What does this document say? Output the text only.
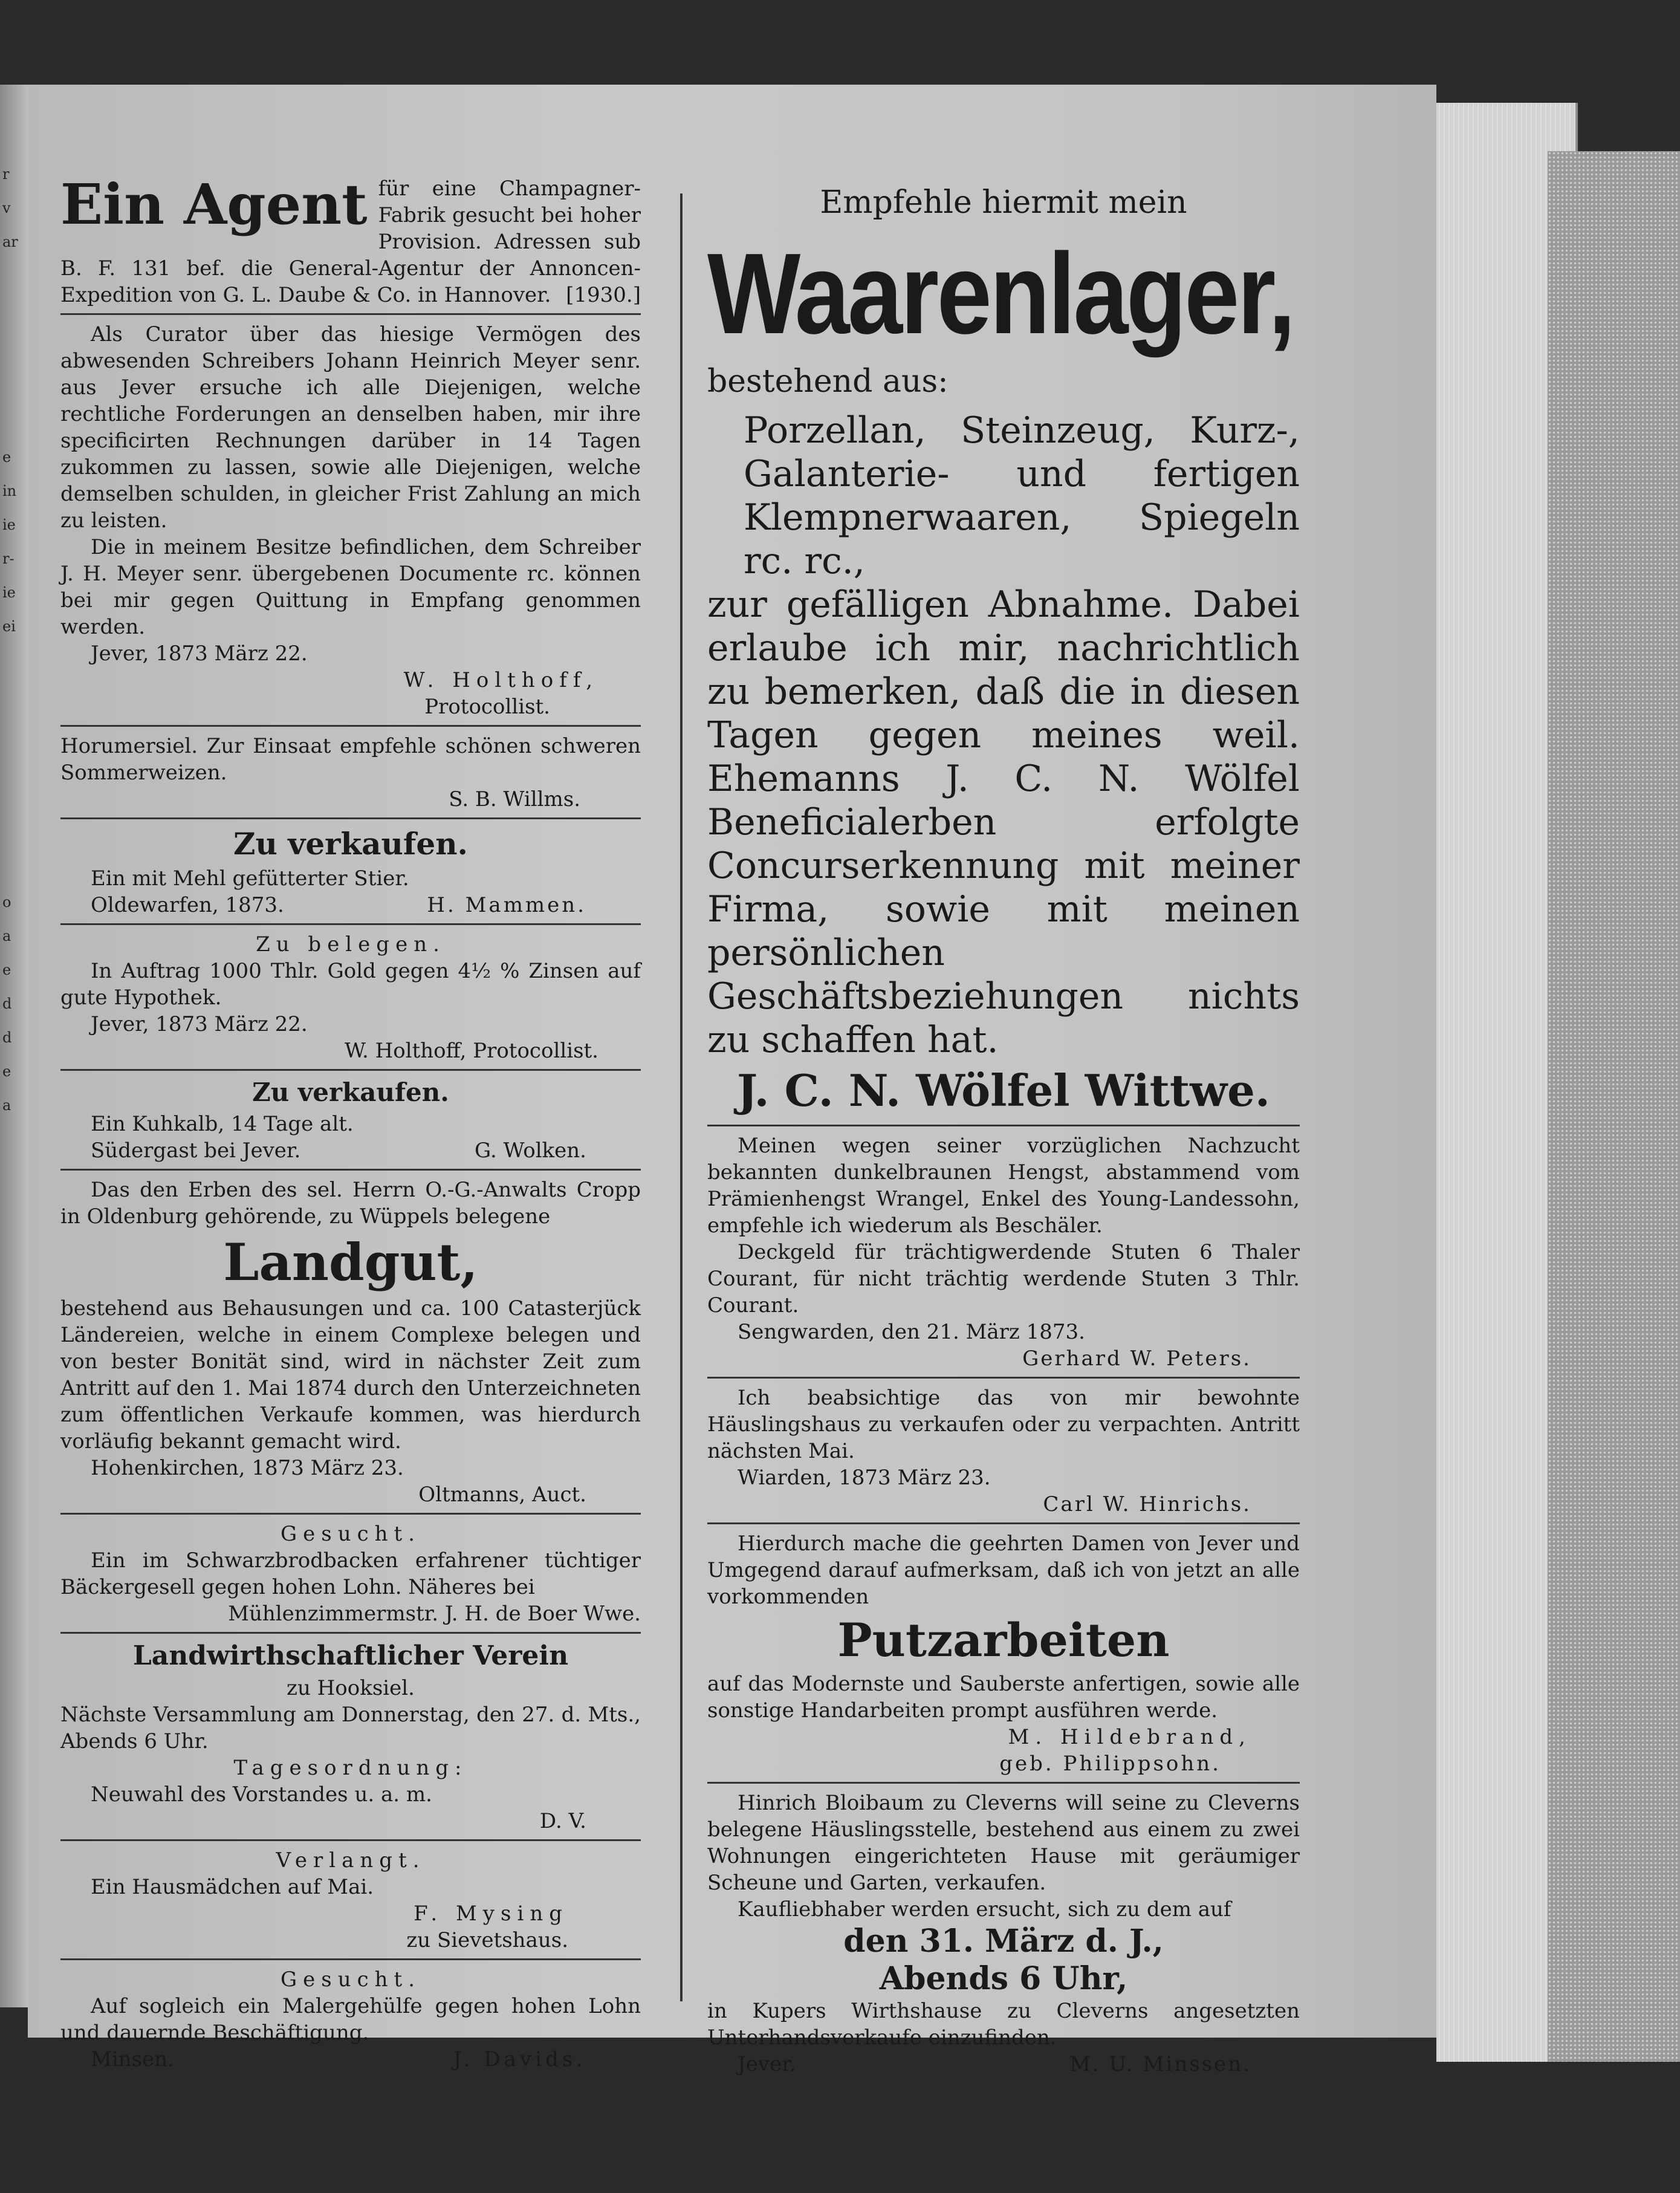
r
v
ar
e
in
ie
r-
ie
ei
o
a
e
d
d
e
a

Ein Agent für eine Champagner-Fabrik gesucht bei hoher Provision. Adressen sub B. F. 131 bef. die General-Agentur der Annoncen-Expedition von G. L. Daube & Co. in Hannover. [1930.]

Als Curator über das hiesige Vermögen des abwesenden Schreibers Johann Heinrich Meyer senr. aus Jever ersuche ich alle Diejenigen, welche rechtliche Forderungen an denselben haben, mir ihre specificirten Rechnungen darüber in 14 Tagen zukommen zu lassen, sowie alle Diejenigen, welche demselben schulden, in gleicher Frist Zahlung an mich zu leisten.

Die in meinem Besitze befindlichen, dem Schreiber J. H. Meyer senr. übergebenen Documente rc. können bei mir gegen Quittung in Empfang genommen werden.

Jever, 1873 März 22.

W. Holthoff,

Protocollist.

Horumersiel. Zur Einsaat empfehle schönen schweren Sommerweizen.

S. B. Willms.

Zu verkaufen.

Ein mit Mehl gefütterter Stier.

Oldewarfen, 1873.	H. Mammen.

Zu belegen.

In Auftrag 1000 Thlr. Gold gegen 4½ % Zinsen auf gute Hypothek.

Jever, 1873 März 22.

W. Holthoff, Protocollist.

Zu verkaufen.

Ein Kuhkalb, 14 Tage alt.

Südergast bei Jever.	G. Wolken.

Das den Erben des sel. Herrn O.-G.-Anwalts Cropp in Oldenburg gehörende, zu Wüppels belegene

Landgut,

bestehend aus Behausungen und ca. 100 Catasterjück Ländereien, welche in einem Complexe belegen und von bester Bonität sind, wird in nächster Zeit zum Antritt auf den 1. Mai 1874 durch den Unterzeichneten zum öffentlichen Verkaufe kommen, was hierdurch vorläufig bekannt gemacht wird.

Hohenkirchen, 1873 März 23.

Oltmanns, Auct.

Gesucht.

Ein im Schwarzbrodbacken erfahrener tüchtiger Bäckergesell gegen hohen Lohn. Näheres bei

Mühlenzimmermstr. J. H. de Boer Wwe.

Landwirthschaftlicher Verein

zu Hooksiel.

Nächste Versammlung am Donnerstag, den 27. d. Mts., Abends 6 Uhr.

Tagesordnung:

Neuwahl des Vorstandes u. a. m.

D. V.

Verlangt.

Ein Hausmädchen auf Mai.

F. Mysing

zu Sievetshaus.

Gesucht.

Auf sogleich ein Malergehülfe gegen hohen Lohn und dauernde Beschäftigung.

Minsen.	J. Davids.

Empfehle hiermit mein

Waarenlager,

bestehend aus:

Porzellan, Steinzeug, Kurz-, Galanterie- und fertigen Klempnerwaaren, Spiegeln rc. rc.,

zur gefälligen Abnahme. Dabei erlaube ich mir, nachrichtlich zu bemerken, daß die in diesen Tagen gegen meines weil. Ehemanns J. C. N. Wölfel Beneficialerben erfolgte Concurserkennung mit meiner Firma, sowie mit meinen persönlichen Geschäftsbeziehungen nichts zu schaffen hat.

J. C. N. Wölfel Wittwe.

Meinen wegen seiner vorzüglichen Nachzucht bekannten dunkelbraunen Hengst, abstammend vom Prämienhengst Wrangel, Enkel des Young-Landessohn, empfehle ich wiederum als Beschäler.

Deckgeld für trächtigwerdende Stuten 6 Thaler Courant, für nicht trächtig werdende Stuten 3 Thlr. Courant.

Sengwarden, den 21. März 1873.

Gerhard W. Peters.

Ich beabsichtige das von mir bewohnte Häuslingshaus zu verkaufen oder zu verpachten. Antritt nächsten Mai.

Wiarden, 1873 März 23.

Carl W. Hinrichs.

Hierdurch mache die geehrten Damen von Jever und Umgegend darauf aufmerksam, daß ich von jetzt an alle vorkommenden

Putzarbeiten

auf das Modernste und Sauberste anfertigen, sowie alle sonstige Handarbeiten prompt ausführen werde.

M. Hildebrand,

geb. Philippsohn.

Hinrich Bloibaum zu Cleverns will seine zu Cleverns belegene Häuslingsstelle, bestehend aus einem zu zwei Wohnungen eingerichteten Hause mit geräumiger Scheune und Garten, verkaufen.

Kaufliebhaber werden ersucht, sich zu dem auf

den 31. März d. J.,

Abends 6 Uhr,

in Kupers Wirthshause zu Cleverns angesetzten Unterhandsverkaufe einzufinden.

Jever.	M. U. Minssen.
